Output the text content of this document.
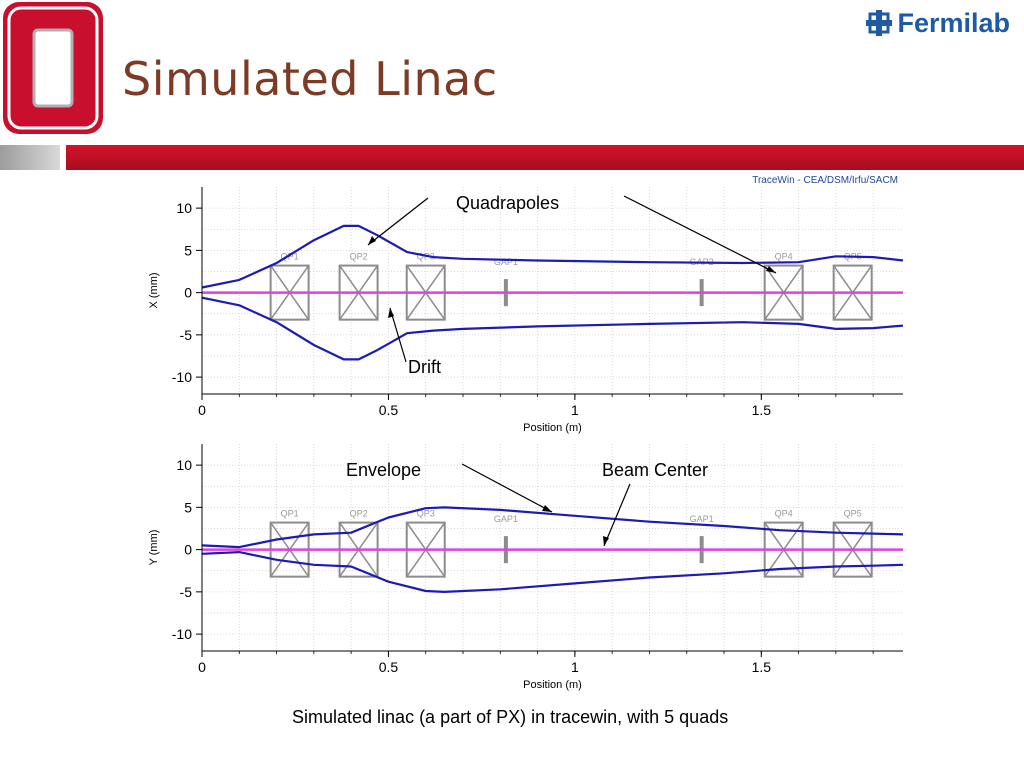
Simulated Linac
Fermilab
TraceWin - CEA/DSM/Irfu/SACM
QP1	QP2	QP3
GAP1	GAP2
QP4	QP5
10
5
0
-5
-10
0	0.5	1	1.5
Position (m)
X (mm)
QP1	QP2	QP3
GAP1	GAP1
QP4	QP5
10
5
0
-5
-10
0	0.5	1	1.5
Position (m)
Y (mm)
Quadrapoles
Drift
Envelope	Beam Center
Simulated linac (a part of PX) in tracewin, with 5 quads
